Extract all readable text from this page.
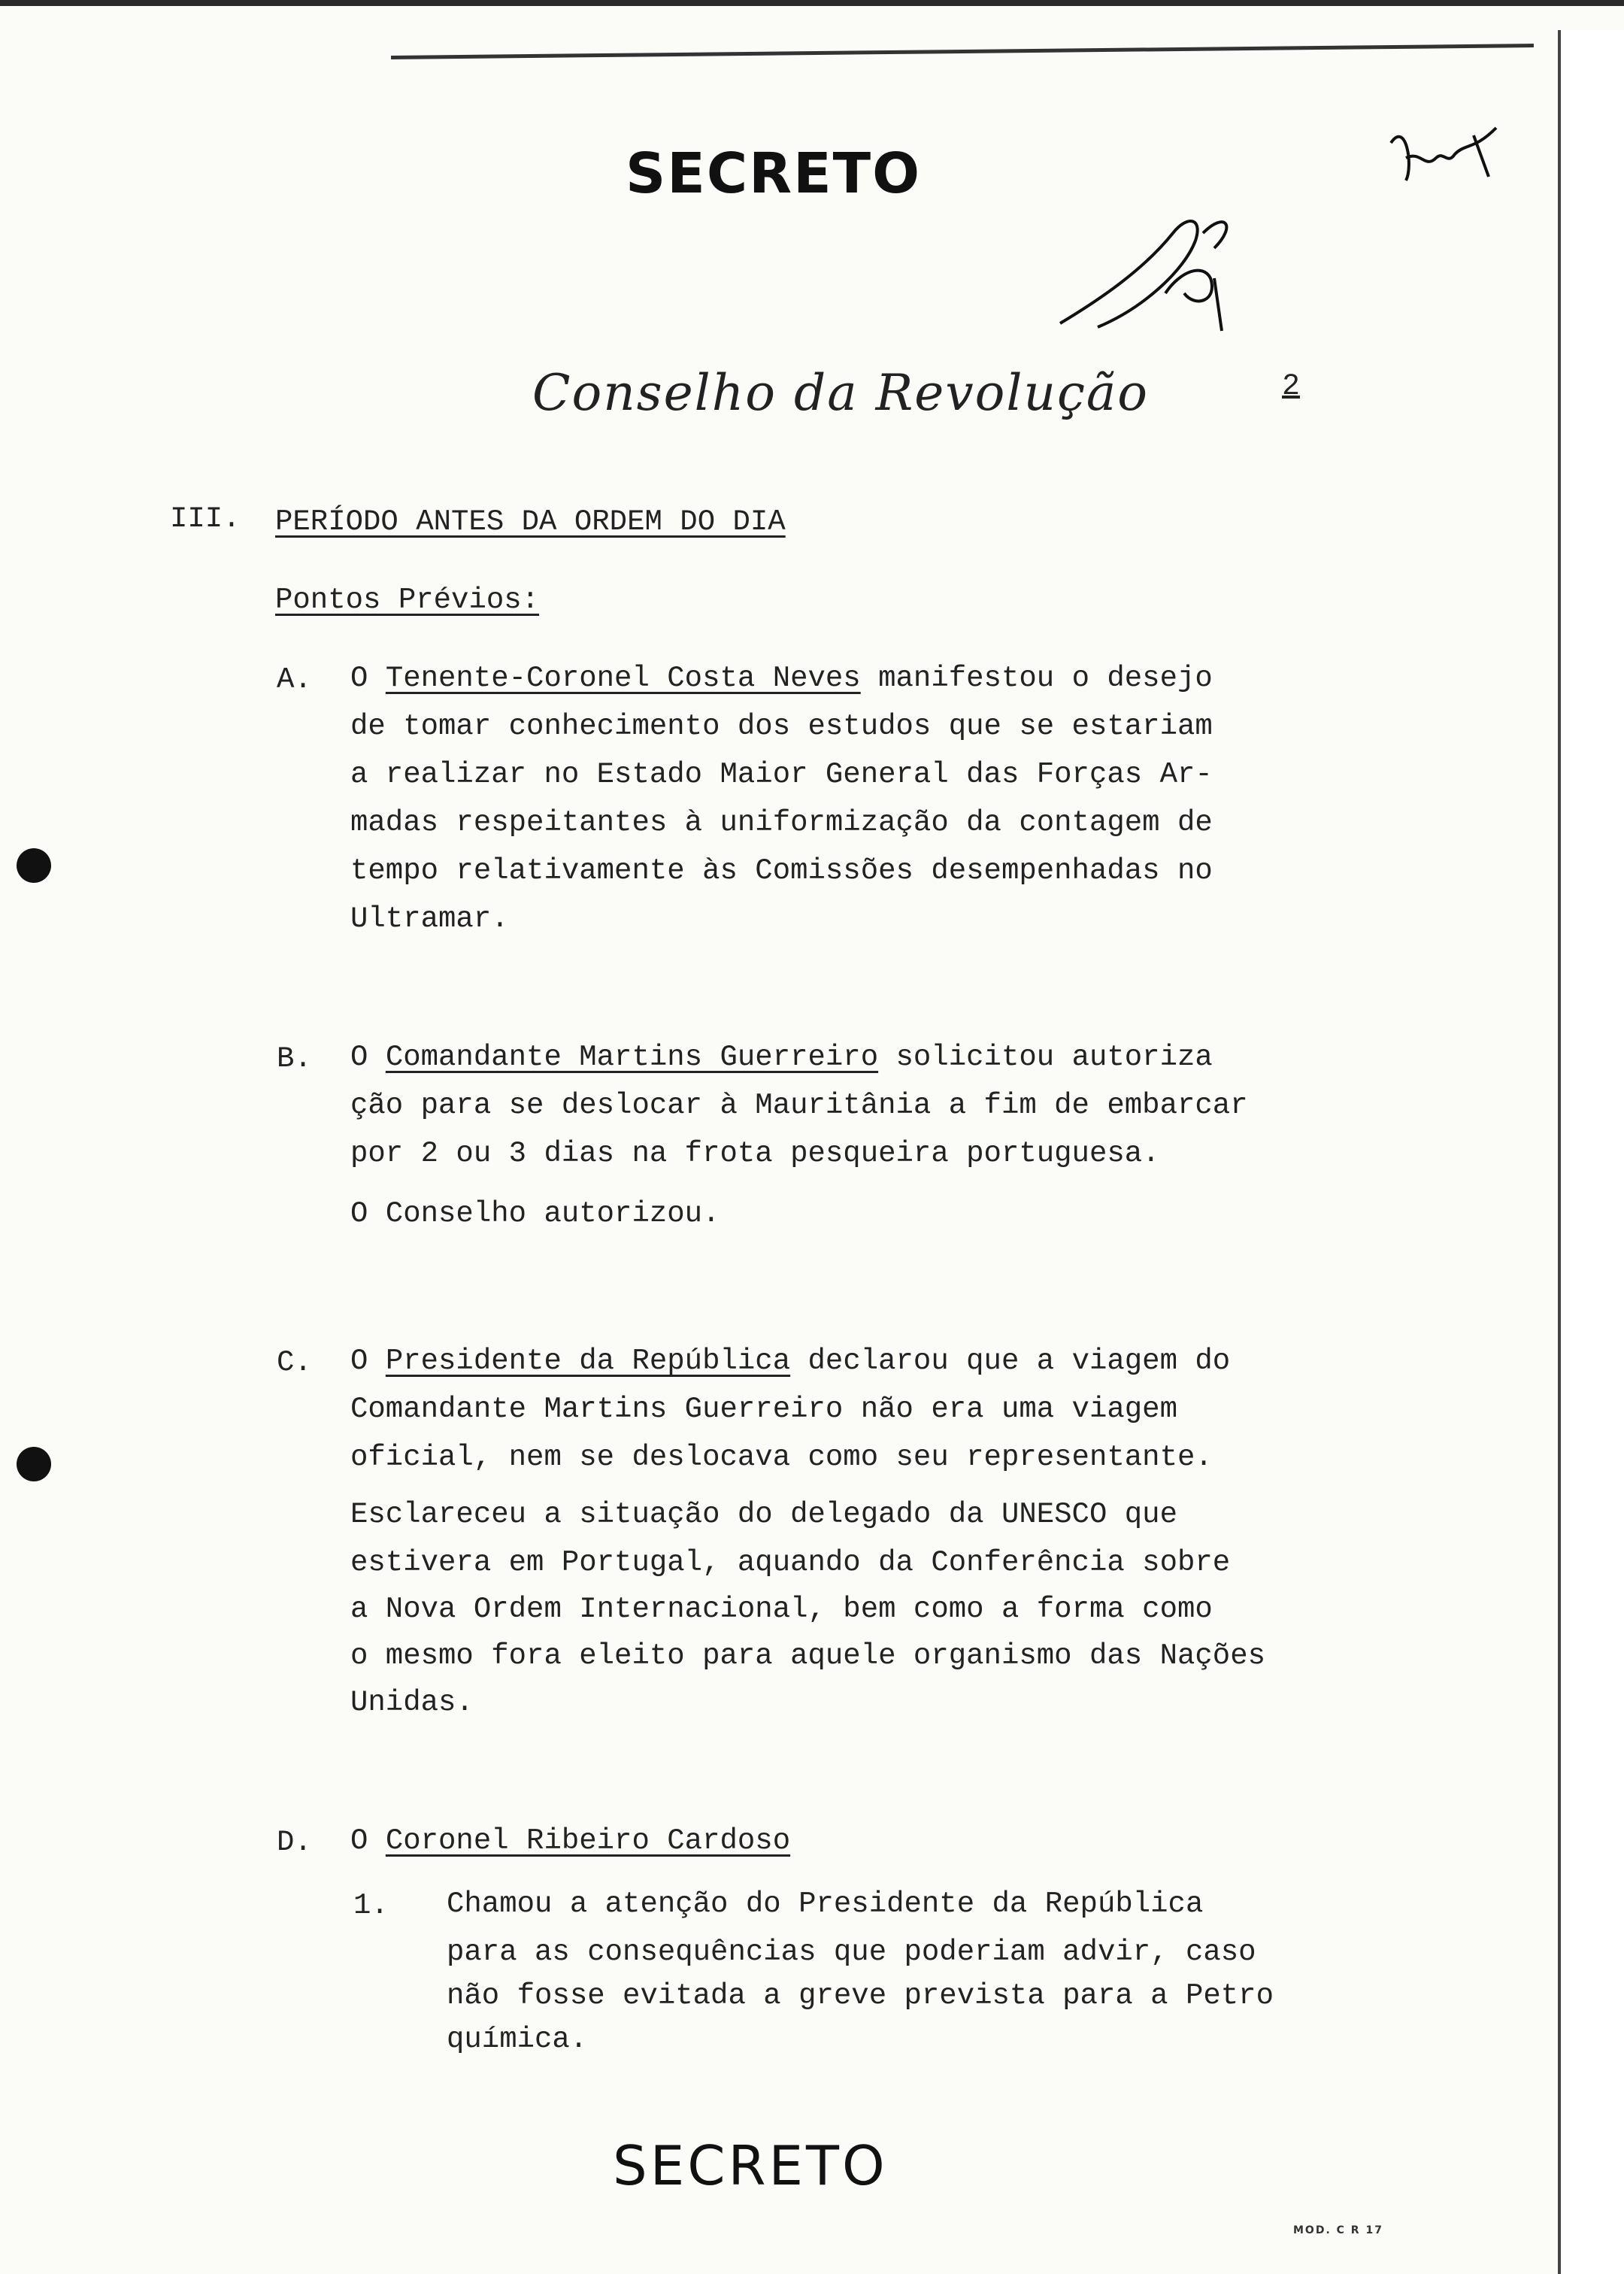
SECRETO
Conselho da Revolução	2
III. PERÍODO ANTES DA ORDEM DO DIA
Pontos Prévios:
A. O Tenente-Coronel Costa Neves manifestou o desejo
de tomar conhecimento dos estudos que se estariam
a realizar no Estado Maior General das Forças Ar-
madas respeitantes à uniformização da contagem de
tempo relativamente às Comissões desempenhadas no
Ultramar.
B. O Comandante Martins Guerreiro solicitou autoriza
ção para se deslocar à Mauritânia a fim de embarcar
por 2 ou 3 dias na frota pesqueira portuguesa.
O Conselho autorizou.
C. O Presidente da República declarou que a viagem do
Comandante Martins Guerreiro não era uma viagem
oficial, nem se deslocava como seu representante.
Esclareceu a situação do delegado da UNESCO que
estivera em Portugal, aquando da Conferência sobre
a Nova Ordem Internacional, bem como a forma como
o mesmo fora eleito para aquele organismo das Nações
Unidas.
D. O Coronel Ribeiro Cardoso
1. Chamou a atenção do Presidente da República
para as consequências que poderiam advir, caso
não fosse evitada a greve prevista para a Petro
química.
SECRETO
MOD. C R 17
